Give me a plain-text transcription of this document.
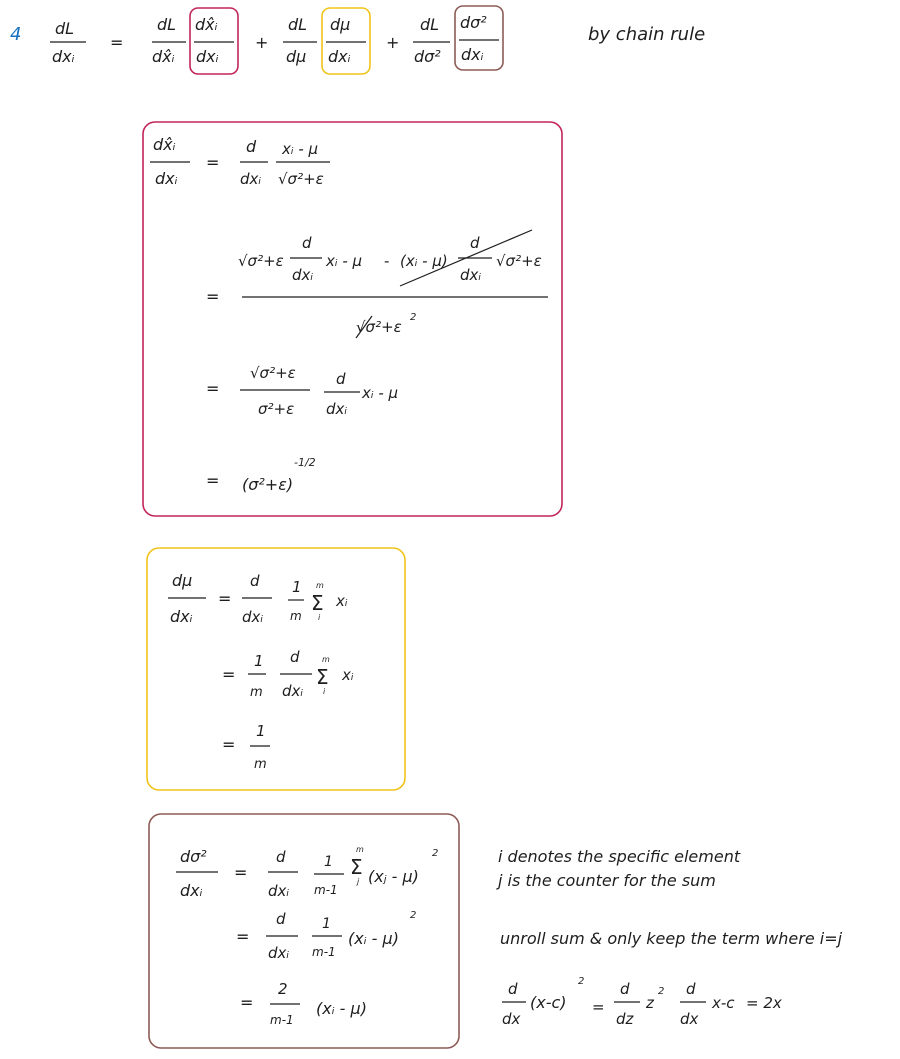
4 dL
dxᵢ
=
dL
dx̂ᵢ
dx̂ᵢ
dxᵢ
+
dL
dμ
dμ
dxᵢ
+
dL
dσ²
dσ²
dxᵢ
by chain rule
dx̂ᵢ
dxᵢ
=
d
dxᵢ
xᵢ - μ
√σ²+ε
√σ²+ε
d
dxᵢ
xᵢ - μ - (xᵢ - μ)
d
dxᵢ
√σ²+ε
=
√σ²+ε
2
√σ²+ε
σ²+ε
=	d
dxᵢ
xᵢ - μ
= (σ²+ε)
-1/2
dμ
dxᵢ
=
d
dxᵢ
1
m
m
Σ
i
xᵢ
=
1
m
d
dxᵢ
m
Σ
i
xᵢ
=
1
m
dσ²
dxᵢ
=
d
dxᵢ
1
m-1
m
Σ
j (xⱼ - μ)
2
=
d
dxᵢ
1
m-1
(xᵢ - μ)
2
=
2
m-1
(xᵢ - μ)
i denotes the specific element
j is the counter for the sum
unroll sum & only keep the term where i=j
d
dx
(x-c)
2
=
d
dz
z
2 d
dx
x-c = 2x
